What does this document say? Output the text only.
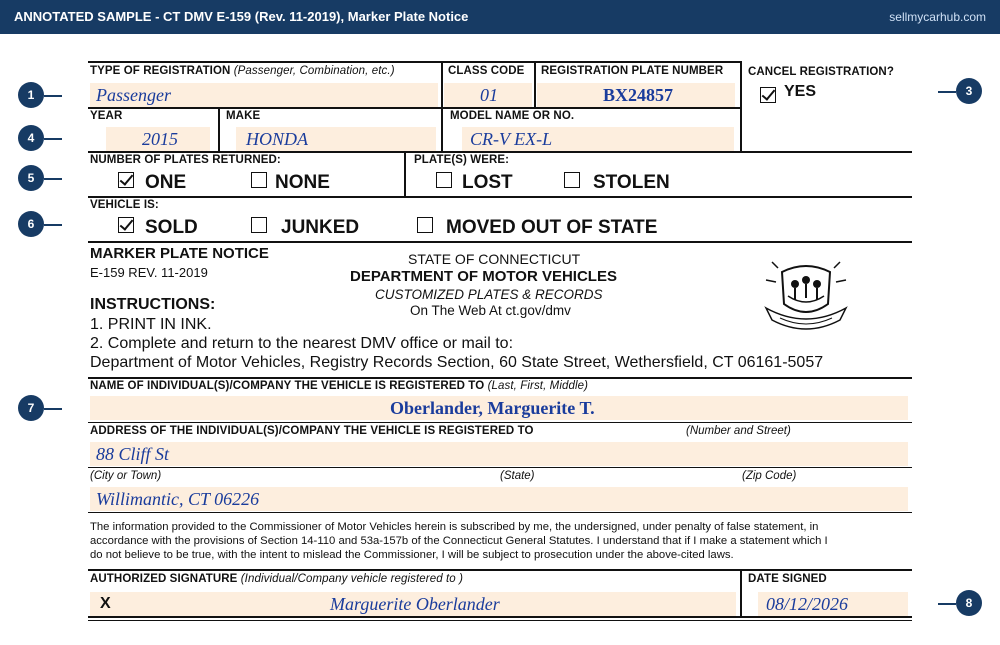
ANNOTATED SAMPLE - CT DMV E-159 (Rev. 11-2019), Marker Plate Notice	sellmycarhub.com
1	3
4
5
6
7
8
TYPE OF REGISTRATION (Passenger, Combination, etc.)
Passenger
CLASS CODE
01
REGISTRATION PLATE NUMBER
BX24857
CANCEL REGISTRATION?
YES
YEAR
2015
MAKE
HONDA
MODEL NAME OR NO.
CR-V EX-L
NUMBER OF PLATES RETURNED:
ONE	NONE
PLATE(S) WERE:
LOST	STOLEN
VEHICLE IS:
SOLD	JUNKED	MOVED OUT OF STATE
MARKER PLATE NOTICE
E-159 REV. 11-2019
STATE OF CONNECTICUT
DEPARTMENT OF MOTOR VEHICLES
CUSTOMIZED PLATES & RECORDS
On The Web At ct.gov/dmv
INSTRUCTIONS:
1. PRINT IN INK.
2. Complete and return to the nearest DMV office or mail to:
Department of Motor Vehicles, Registry Records Section, 60 State Street, Wethersfield, CT 06161-5057
NAME OF INDIVIDUAL(S)/COMPANY THE VEHICLE IS REGISTERED TO (Last, First, Middle)
Oberlander, Marguerite T.
ADDRESS OF THE INDIVIDUAL(S)/COMPANY THE VEHICLE IS REGISTERED TO	(Number and Street)
88 Cliff St
(City or Town)	(State)	(Zip Code)
Willimantic, CT 06226
The information provided to the Commissioner of Motor Vehicles herein is subscribed by me, the undersigned, under penalty of false statement, in
accordance with the provisions of Section 14-110 and 53a-157b of the Connecticut General Statutes. I understand that if I make a statement which I
do not believe to be true, with the intent to mislead the Commissioner, I will be subject to prosecution under the above-cited laws.
AUTHORIZED SIGNATURE (Individual/Company vehicle registered to )
X	Marguerite Oberlander
DATE SIGNED
08/12/2026
